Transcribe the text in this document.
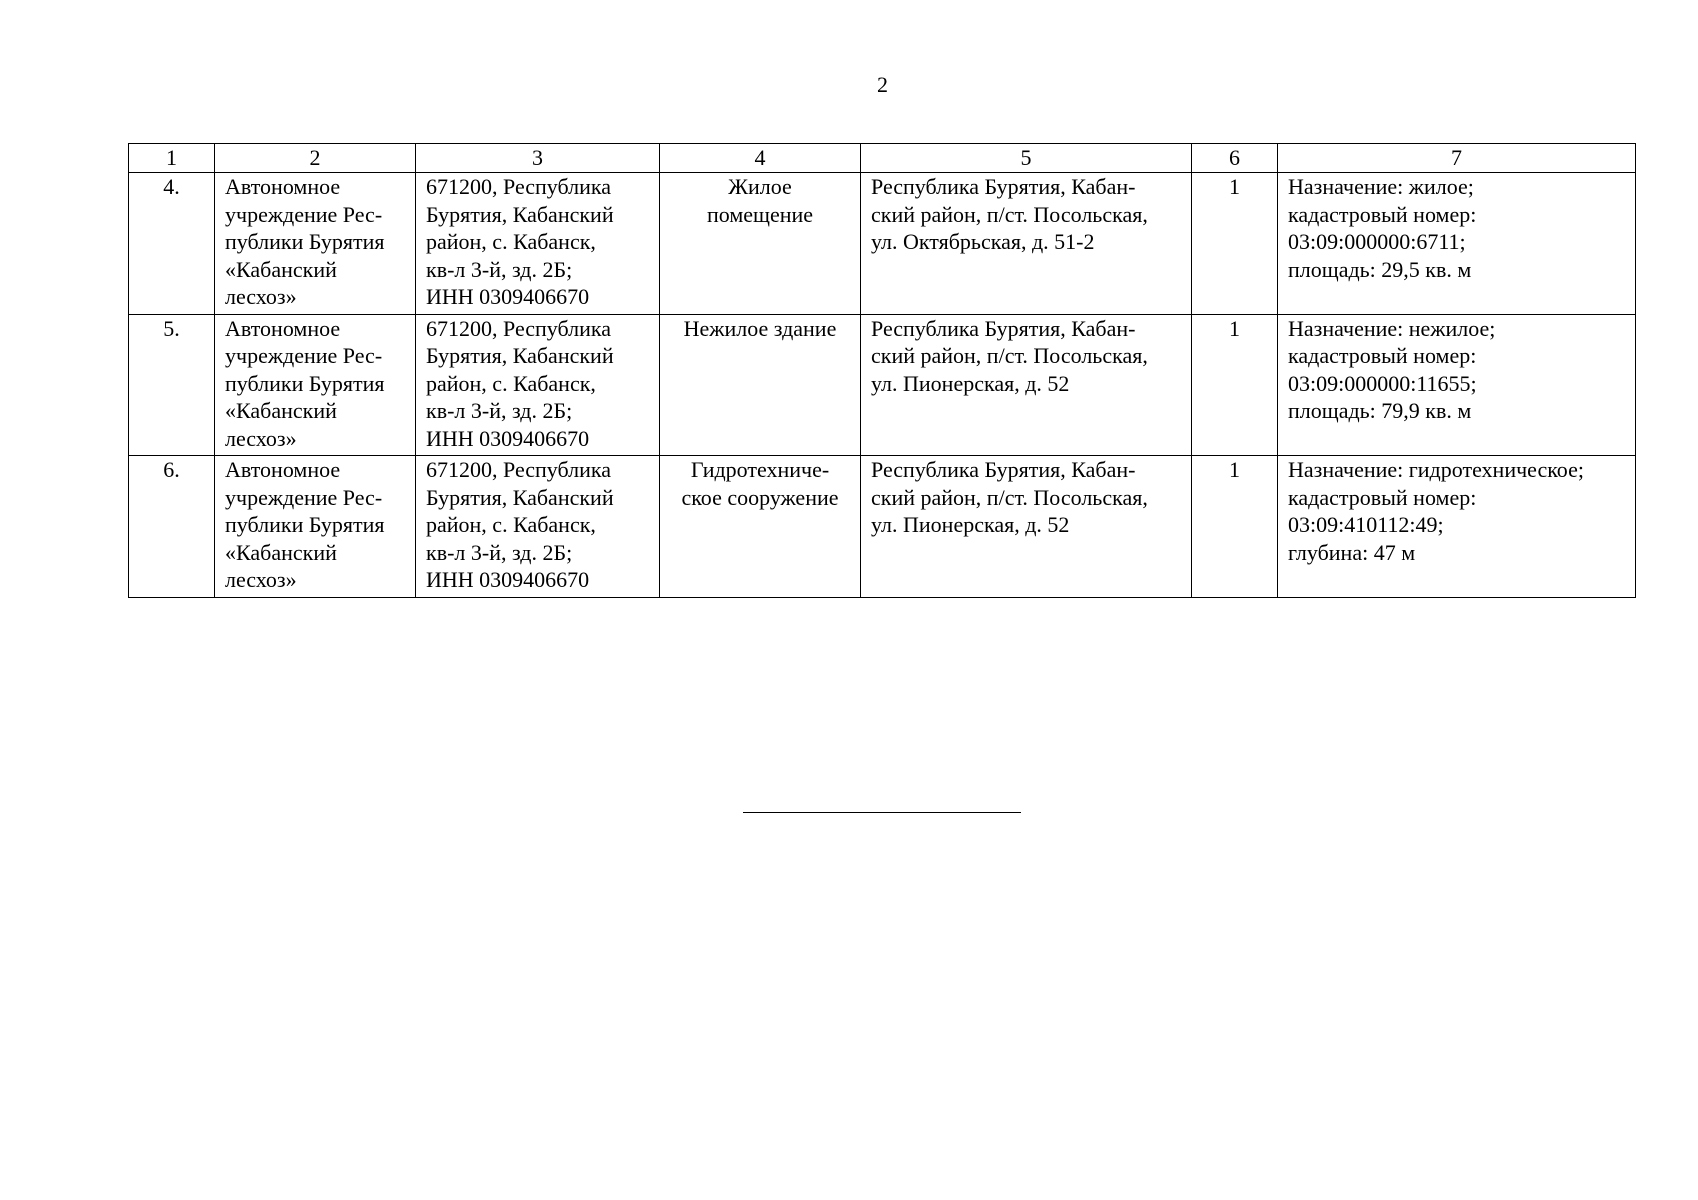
2
1	2	3	4	5	6	7
4.	Автономное
учреждение Рес-
публики Бурятия
«Кабанский
лесхоз»	671200, Республика
Бурятия, Кабанский
район, с. Кабанск,
кв-л 3-й, зд. 2Б;
ИНН 0309406670	Жилое
помещение	Республика Бурятия, Кабан-
ский район, п/ст. Посольская,
ул. Октябрьская, д. 51-2	1	Назначение: жилое;
кадастровый номер:
03:09:000000:6711;
площадь: 29,5 кв. м

5.	Автономное
учреждение Рес-
публики Бурятия
«Кабанский
лесхоз»	671200, Республика
Бурятия, Кабанский
район, с. Кабанск,
кв-л 3-й, зд. 2Б;
ИНН 0309406670	Нежилое здание	Республика Бурятия, Кабан-
ский район, п/ст. Посольская,
ул. Пионерская, д. 52	1	Назначение: нежилое;
кадастровый номер:
03:09:000000:11655;
площадь: 79,9 кв. м

6.	Автономное
учреждение Рес-
публики Бурятия
«Кабанский
лесхоз»	671200, Республика
Бурятия, Кабанский
район, с. Кабанск,
кв-л 3-й, зд. 2Б;
ИНН 0309406670	Гидротехниче-
ское сооружение	Республика Бурятия, Кабан-
ский район, п/ст. Посольская,
ул. Пионерская, д. 52	1	Назначение: гидротехническое;
кадастровый номер:
03:09:410112:49;
глубина: 47 м
